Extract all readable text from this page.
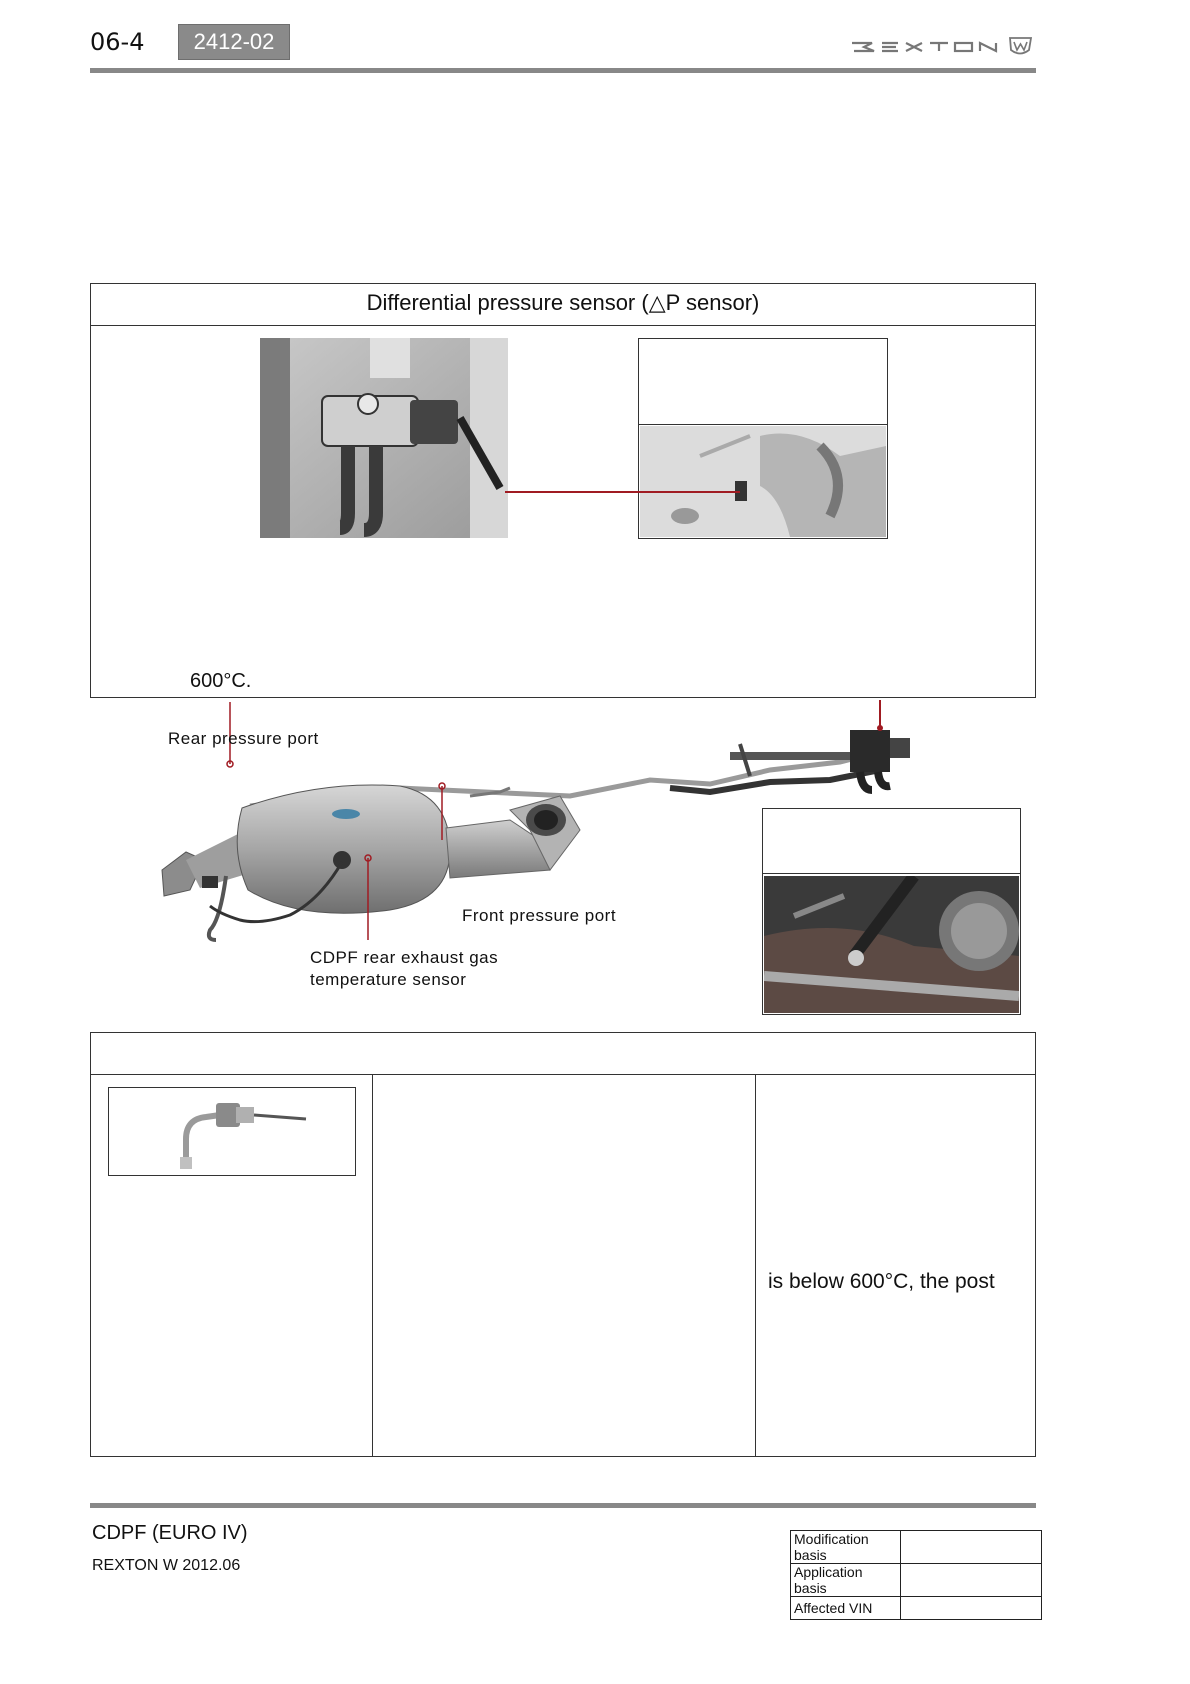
06-4	2412-02
Differential pressure sensor (△P sensor)
600°C.
Rear pressure port
Front pressure port
CDPF rear exhaust gas
temperature sensor
is below 600°C, the post
CDPF (EURO IV)
REXTON W 2012.06
Modification basis	
Application basis	
Affected VIN	
